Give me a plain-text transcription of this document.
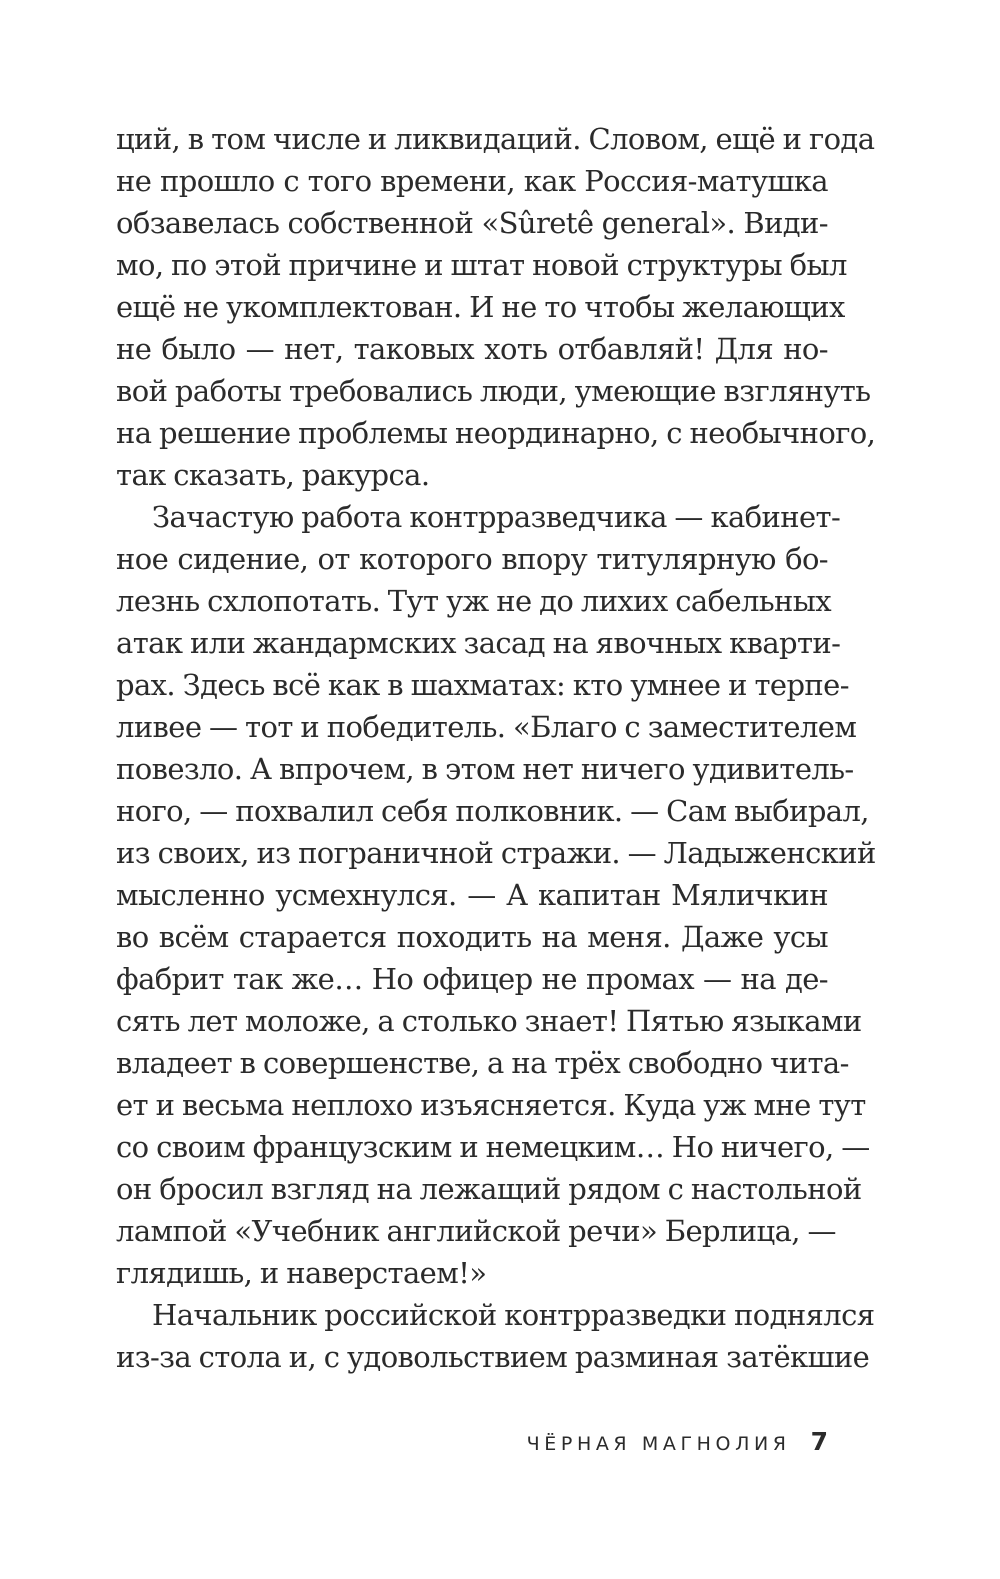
ций, в том числе и ликвидаций. Словом, ещё и года
не прошло с того времени, как Россия-матушка
обзавелась собственной «Sûretê general». Види-
мо, по этой причине и штат новой структуры был
ещё не укомплектован. И не то чтобы желающих
не было — нет, таковых хоть отбавляй! Для но-
вой работы требовались люди, умеющие взглянуть
на решение проблемы неординарно, с необычного,
так сказать, ракурса.
Зачастую работа контрразведчика — кабинет-
ное сидение, от которого впору титулярную бо-
лезнь схлопотать. Тут уж не до лихих сабельных
атак или жандармских засад на явочных кварти-
рах. Здесь всё как в шахматах: кто умнее и терпе-
ливее — тот и победитель. «Благо с заместителем
повезло. А впрочем, в этом нет ничего удивитель-
ного, — похвалил себя полковник. — Сам выбирал,
из своих, из пограничной стражи. — Ладыженский
мысленно усмехнулся. — А капитан Мяличкин
во всём старается походить на меня. Даже усы
фабрит так же… Но офицер не промах — на де-
сять лет моложе, а столько знает! Пятью языками
владеет в совершенстве, а на трёх свободно чита-
ет и весьма неплохо изъясняется. Куда уж мне тут
со своим французским и немецким… Но ничего, —
он бросил взгляд на лежащий рядом с настольной
лампой «Учебник английской речи» Берлица, —
глядишь, и наверстаем!»
Начальник российской контрразведки поднялся
из-за стола и, с удовольствием разминая затёкшие
ЧЁРНАЯ МАГНОЛИЯ 7
